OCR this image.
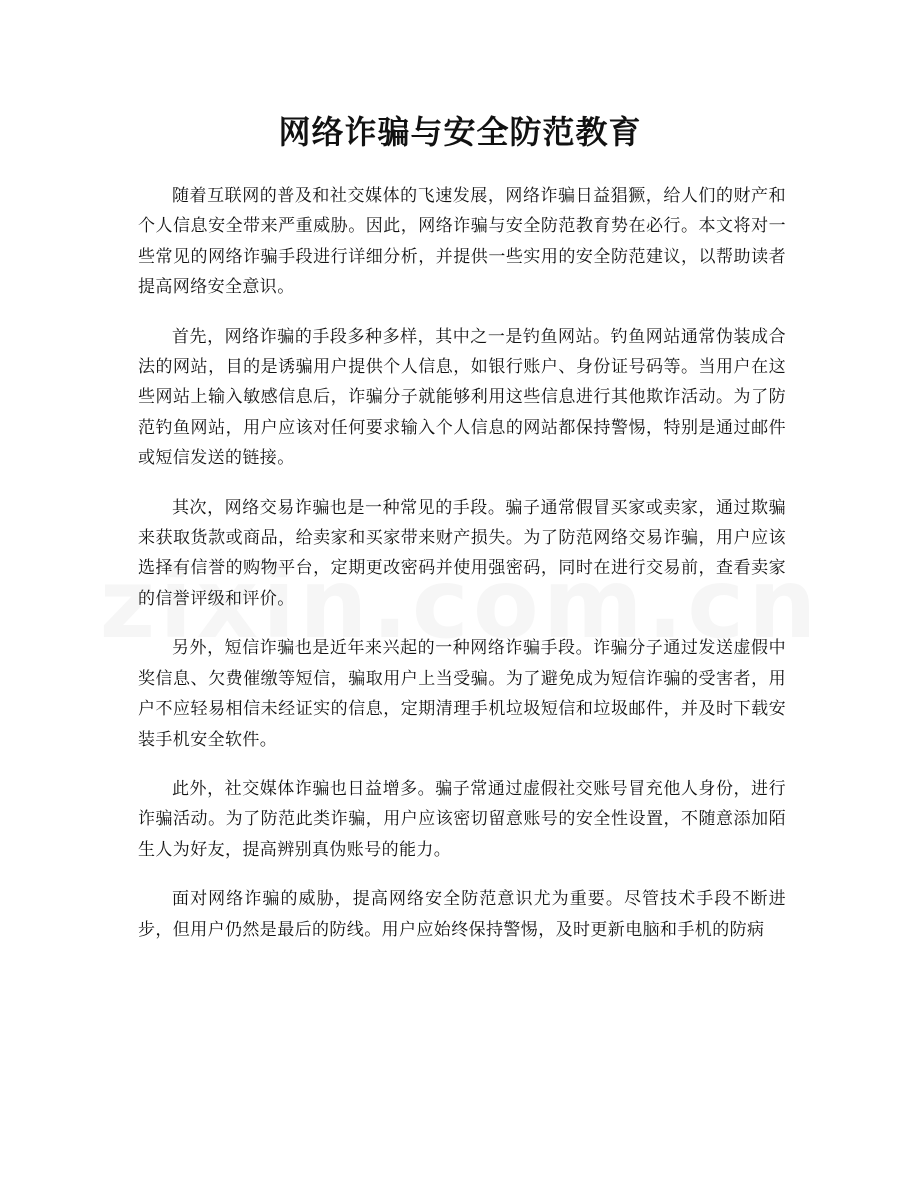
网络诈骗与安全防范教育

随着互联网的普及和社交媒体的飞速发展，网络诈骗日益猖獗，给人们的财产和个人信息安全带来严重威胁。因此，网络诈骗与安全防范教育势在必行。本文将对一些常见的网络诈骗手段进行详细分析，并提供一些实用的安全防范建议，以帮助读者提高网络安全意识。

首先，网络诈骗的手段多种多样，其中之一是钓鱼网站。钓鱼网站通常伪装成合法的网站，目的是诱骗用户提供个人信息，如银行账户、身份证号码等。当用户在这些网站上输入敏感信息后，诈骗分子就能够利用这些信息进行其他欺诈活动。为了防范钓鱼网站，用户应该对任何要求输入个人信息的网站都保持警惕，特别是通过邮件或短信发送的链接。

其次，网络交易诈骗也是一种常见的手段。骗子通常假冒买家或卖家，通过欺骗来获取货款或商品，给卖家和买家带来财产损失。为了防范网络交易诈骗，用户应该选择有信誉的购物平台，定期更改密码并使用强密码，同时在进行交易前，查看卖家的信誉评级和评价。

另外，短信诈骗也是近年来兴起的一种网络诈骗手段。诈骗分子通过发送虚假中奖信息、欠费催缴等短信，骗取用户上当受骗。为了避免成为短信诈骗的受害者，用户不应轻易相信未经证实的信息，定期清理手机垃圾短信和垃圾邮件，并及时下载安装手机安全软件。

此外，社交媒体诈骗也日益增多。骗子常通过虚假社交账号冒充他人身份，进行诈骗活动。为了防范此类诈骗，用户应该密切留意账号的安全性设置，不随意添加陌生人为好友，提高辨别真伪账号的能力。

面对网络诈骗的威胁，提高网络安全防范意识尤为重要。尽管技术手段不断进步，但用户仍然是最后的防线。用户应始终保持警惕，及时更新电脑和手机的防病
